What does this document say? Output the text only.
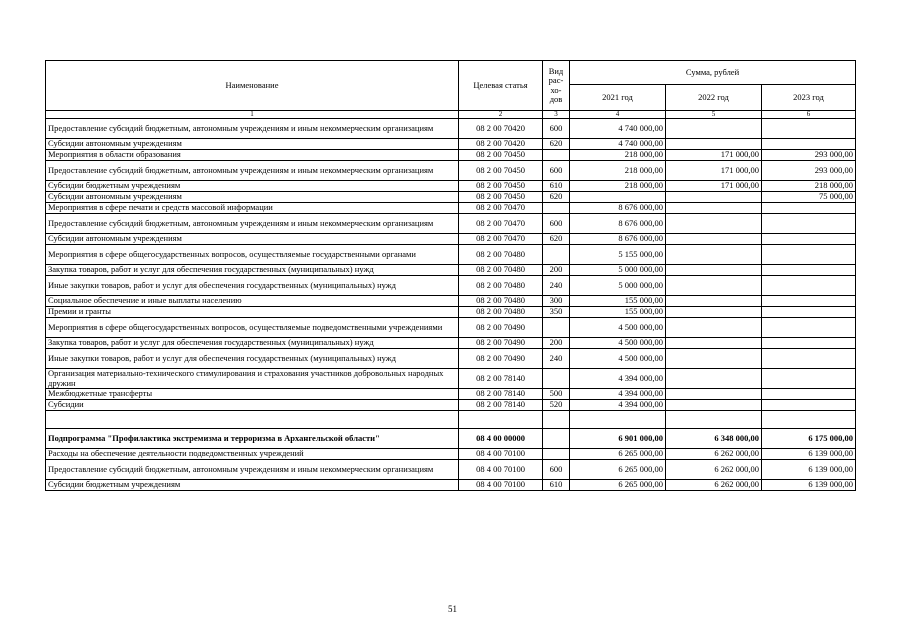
Наименование	Целевая статья	Вид рас-хо-дов	Сумма, рублей		
			2021 год	2022 год	2023 год
1	2	3	4	5	6
Предоставление субсидий бюджетным, автономным учреждениям и иным некоммерческим организациям	08 2 00 70420	600	4 740 000,00		
Субсидии автономным учреждениям	08 2 00 70420	620	4 740 000,00		
Мероприятия в области образования	08 2 00 70450		218 000,00	171 000,00	293 000,00
Предоставление субсидий бюджетным, автономным учреждениям и иным некоммерческим организациям	08 2 00 70450	600	218 000,00	171 000,00	293 000,00
Субсидии бюджетным учреждениям	08 2 00 70450	610	218 000,00	171 000,00	218 000,00
Субсидии автономным учреждениям	08 2 00 70450	620			75 000,00
Мероприятия в сфере печати и средств массовой информации	08 2 00 70470		8 676 000,00		
Предоставление субсидий бюджетным, автономным учреждениям и иным некоммерческим организациям	08 2 00 70470	600	8 676 000,00		
Субсидии автономным учреждениям	08 2 00 70470	620	8 676 000,00		
Мероприятия в сфере общегосударственных вопросов, осуществляемые государственными органами	08 2 00 70480		5 155 000,00		
Закупка товаров, работ и услуг для обеспечения государственных (муниципальных) нужд	08 2 00 70480	200	5 000 000,00		
Иные закупки товаров, работ и услуг для обеспечения государственных (муниципальных) нужд	08 2 00 70480	240	5 000 000,00		
Социальное обеспечение и иные выплаты населению	08 2 00 70480	300	155 000,00		
Премии и гранты	08 2 00 70480	350	155 000,00		
Мероприятия в сфере общегосударственных вопросов, осуществляемые подведомственными учреждениями	08 2 00 70490		4 500 000,00		
Закупка товаров, работ и услуг для обеспечения государственных (муниципальных) нужд	08 2 00 70490	200	4 500 000,00		
Иные закупки товаров, работ и услуг для обеспечения государственных (муниципальных) нужд	08 2 00 70490	240	4 500 000,00		
Организация материально-технического стимулирования и страхования участников добровольных народных дружин	08 2 00 78140		4 394 000,00		
Межбюджетные трансферты	08 2 00 78140	500	4 394 000,00		
Субсидии	08 2 00 78140	520	4 394 000,00		

Подпрограмма "Профилактика экстремизма и терроризма в Архангельской области"	08 4 00 00000		6 901 000,00	6 348 000,00	6 175 000,00
Расходы на обеспечение деятельности подведомственных учреждений	08 4 00 70100		6 265 000,00	6 262 000,00	6 139 000,00
Предоставление субсидий бюджетным, автономным учреждениям и иным некоммерческим организациям	08 4 00 70100	600	6 265 000,00	6 262 000,00	6 139 000,00
Субсидии бюджетным учреждениям	08 4 00 70100	610	6 265 000,00	6 262 000,00	6 139 000,00
51
